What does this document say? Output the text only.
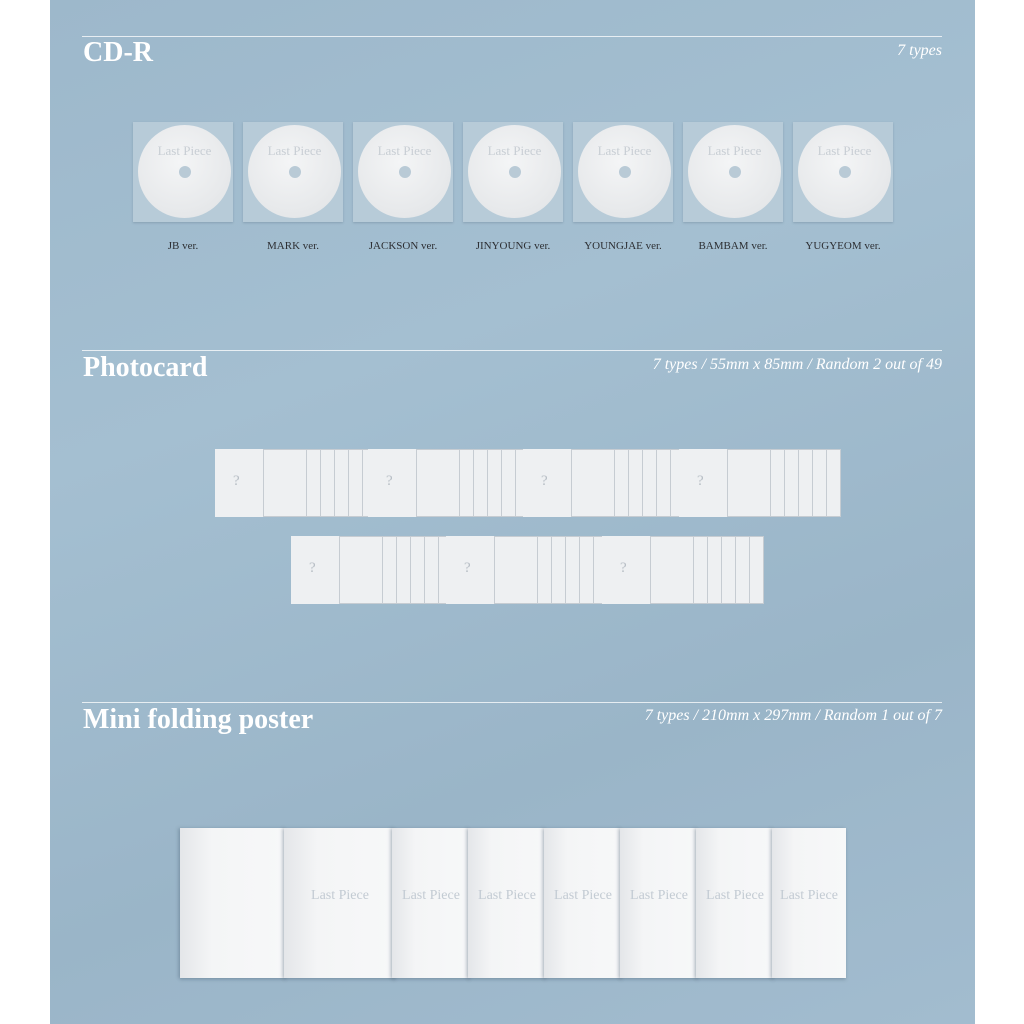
CD-R	7 types
Last Piece
JB ver.
Last Piece
MARK ver.
Last Piece
JACKSON ver.
Last Piece
JINYOUNG ver.
Last Piece
YOUNGJAE ver.
Last Piece
BAMBAM ver.
Last Piece
YUGYEOM ver.
Photocard	7 types / 55mm x 85mm / Random 2 out of 49
?	?	?	?
?	?	?
Mini folding poster	7 types / 210mm x 297mm / Random 1 out of 7
Last Piece	Last Piece	Last Piece	Last Piece	Last Piece	Last Piece	Last Piece
